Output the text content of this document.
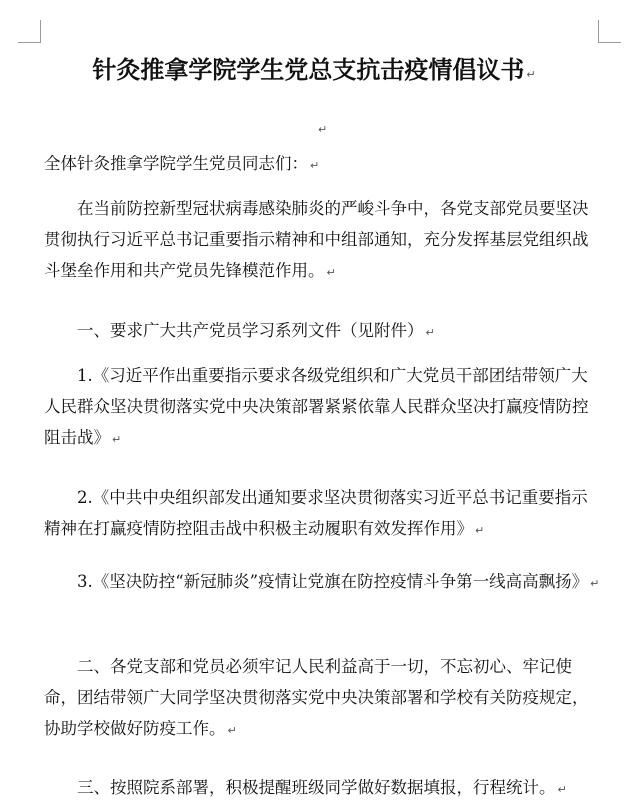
针灸推拿学院学生党总支抗击疫情倡议书 ↵
↵

全体针灸推拿学院学生党员同志们： ↵

在当前防控新型冠状病毒感染肺炎的严峻斗争中，各党支部党员要坚决贯彻执行习近平总书记重要指示精神和中组部通知，充分发挥基层党组织战斗堡垒作用和共产党员先锋模范作用。 ↵

一、要求广大共产党员学习系列文件（见附件） ↵

1.《习近平作出重要指示要求各级党组织和广大党员干部团结带领广大人民群众坚决贯彻落实党中央决策部署紧紧依靠人民群众坚决打赢疫情防控阻击战》 ↵

2.《中共中央组织部发出通知要求坚决贯彻落实习近平总书记重要指示精神在打赢疫情防控阻击战中积极主动履职有效发挥作用》 ↵

3.《坚决防控“新冠肺炎”疫情让党旗在防控疫情斗争第一线高高飘扬》 ↵

二、各党支部和党员必须牢记人民利益高于一切，不忘初心、牢记使命，团结带领广大同学坚决贯彻落实党中央决策部署和学校有关防疫规定，协助学校做好防疫工作。 ↵

三、按照院系部署，积极提醒班级同学做好数据填报，行程统计。 ↵
